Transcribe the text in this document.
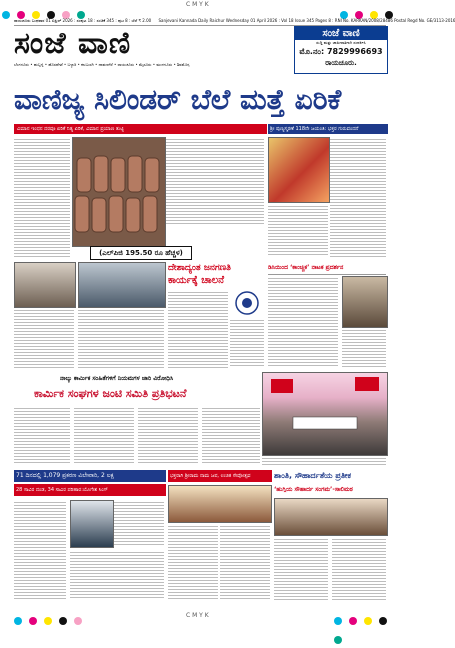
C M Y K

ರಾಯಚೂರು ಬುಧವಾರ 01 ಏಪ್ರಿಲ್ 2026 : ಸಂಪುಟ 18 : ಸಂಚಿಕೆ 345 : ಪುಟ 8 : ಬೆಲೆ ₹ 2.00 Sanjevani Kannada Daily Raichur Wednesday 01 April 2026 : Vol 18 Issue 345 Pages 8 : RNI No. KARKAN/2008/28486 Postal Regd No. GE/3113-2016
ಸಂಜೆ ವಾಣಿ
ಬೆಂಗಳೂರು • ಹುಬ್ಬಳ್ಳಿ • ಹೊಸಪೇಟೆ • ಬಳ್ಳಾರಿ • ಕಲಬುರಗಿ • ದಾವಣಗೆರೆ • ರಾಯಚೂರು • ಮೈಸೂರು • ಮಂಗಳೂರು • ಶಿವಮೊಗ್ಗ
ಸಂಜೆ ವಾಣಿ
ಸುದ್ದಿ ಮತ್ತು ಜಾಹೀರಾತಿಗಾಗಿ ಸಂಪರ್ಕಿಸಿ
ಮೊ.ನಂ: 7829996693
ರಾಯಚೂರು.
ವಾಣಿಜ್ಯ ಸಿಲಿಂಡರ್ ಬೆಲೆ ಮತ್ತೆ ಏರಿಕೆ
ವಿಮಾನ ಇಂಧನ ದರವೂ ಏರಿಕೆ ನಿತ್ಯ ಏರಿಕೆ, ವಿಮಾನ ಪ್ರಯಾಣ ತುಟ್ಟಿ
(ಎಲ್‌ಪಿಜಿ 195.50 ರೂ ಹೆಚ್ಚಳ)
ಶ್ರೀ ಪುಣ್ಯಸ್ಮರಣೆ 118ನೇ ಜಯಂತಿ: ಭಕ್ತರ ಗುರುವಂದನೆ
ದೇಶಾದ್ಯಂತ ಜನಗಣತಿ
ಕಾರ್ಯಕ್ಕೆ ಚಾಲನೆ
ಡಿಸಿಯಿಂದ ‘ಕಾಂಚ್ಚಿಕ’ ನಾಟಕ ಪ್ರದರ್ಶನ
ನಾಲ್ಕು ಕಾರ್ಮಿಕ ಸಂಹಿತೆಗಳಿಗೆ ನಿಯಮಗಳ ಜಾರಿ ವಿರೋಧಿಸಿ
ಕಾರ್ಮಿಕ ಸಂಘಗಳ ಜಂಟಿ ಸಮಿತಿ ಪ್ರತಿಭಟನೆ
71 ದಿನದಲ್ಲಿ 1,079 ಪ್ರಕರಣ ವಿಲೇವಾರಿ, 2 ಲಕ್ಷ
28 ಸಾವಿರ ದಂಡ, 34 ಸಾವಿರ ಪರಿಹಾರ:ಯೊಗೇಶ ಸಿಂಗ್
ಭಕ್ತರಾಗಿ ಶ್ರೀರಾಮ ನಾಮ ಜಪ, ಉಚಿತ ಸೇವೋತ್ಸವ	ಶಾಂತಿ, ಸೌಹಾರ್ದತೆಯ ಪ್ರತೀಕ
‘ಹುಗ್ಗಿಯ ಸೌಹಾರ್ದ ಸಂಗಮ’-ಸಾಲಿಮಠ

C M Y K
